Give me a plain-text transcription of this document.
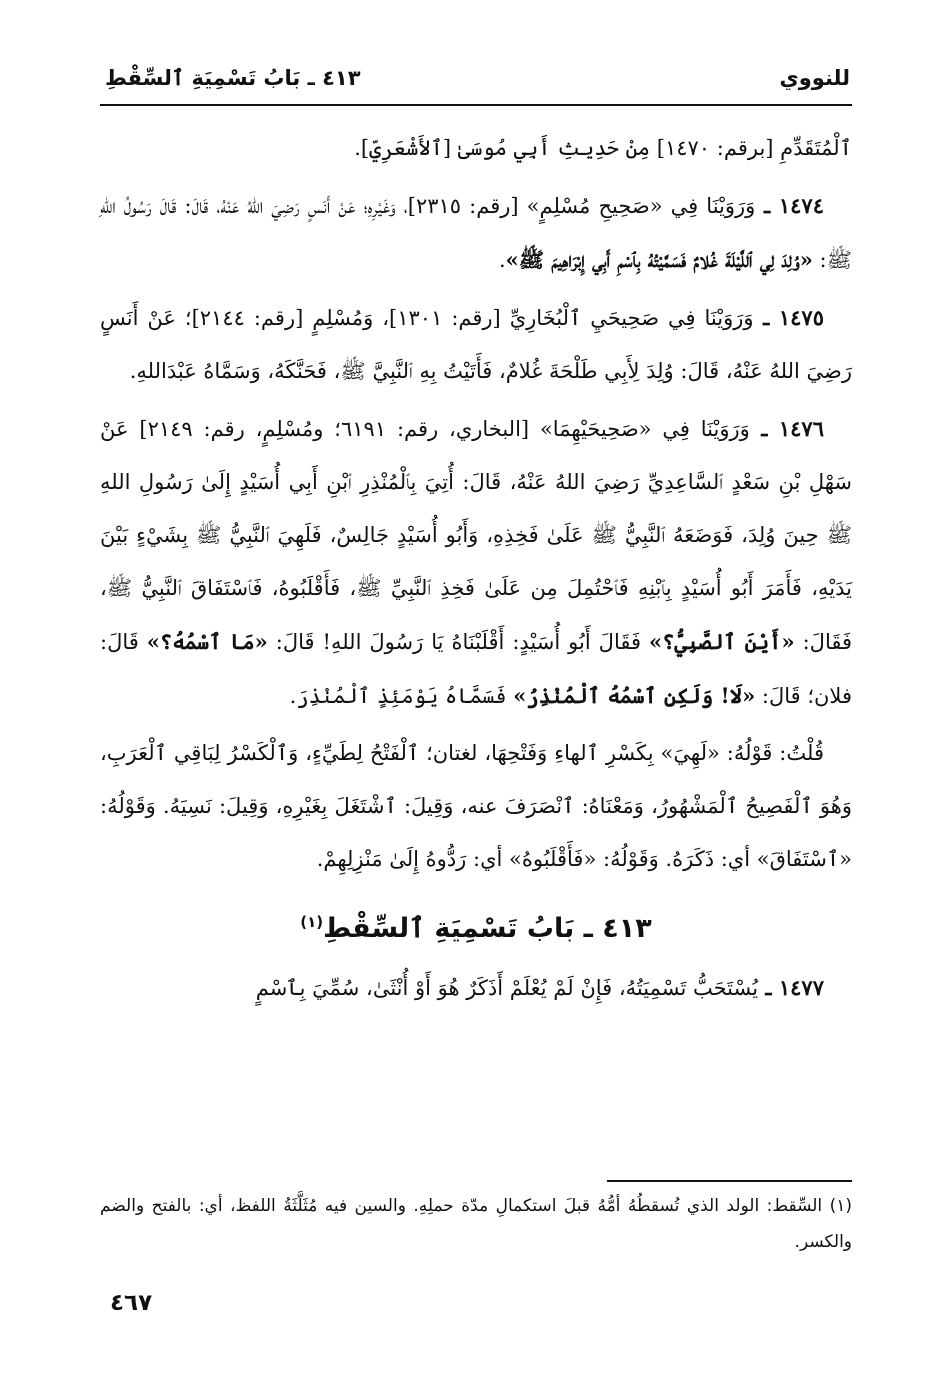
للنووي
٤١٣ ـ بَابُ تَسْمِيَةِ ٱلسِّقْطِ

ٱلْمُتَقَدِّمِ [برقم: ١٤٧٠] مِنْ حَدِيثِ أَبِي مُوسَىٰ [ٱلأَشْعَرِيِّ].

١٤٧٤ ـ وَرَوَيْنَا فِي «صَحِيحِ مُسْلِمٍ» [رقم: ٢٣١٥]، وَغَيْرِهِ؛ عَنْ أَنَسٍ رَضِيَ اللهُ عَنْهُ، قَالَ: قَالَ رَسُولُ اللهِ ﷺ: «وُلِدَ لِي ٱللَّيْلَةَ غُلامٌ فَسَمَّيْتُهُ بِٱسْمِ أَبِي إِبْرَاهِيمَ ﷺ».

١٤٧٥ ـ وَرَوَيْنَا فِي صَحِيحَيِ ٱلْبُخَارِيِّ [رقم: ١٣٠١]، وَمُسْلِمٍ [رقم: ٢١٤٤]؛ عَنْ أَنَسٍ رَضِيَ اللهُ عَنْهُ، قَالَ: وُلِدَ لِأَبِي طَلْحَةَ غُلامٌ، فَأَتَيْتُ بِهِ ٱلنَّبِيَّ ﷺ، فَحَنَّكَهُ، وَسَمَّاهُ عَبْدَاللهِ.

١٤٧٦ ـ وَرَوَيْنَا فِي «صَحِيحَيْهِمَا» [البخاري، رقم: ٦١٩١؛ ومُسْلِمٍ، رقم: ٢١٤٩] عَنْ سَهْلِ بْنِ سَعْدٍ ٱلسَّاعِدِيِّ رَضِيَ اللهُ عَنْهُ، قَالَ: أُتِيَ بِٱلْمُنْذِرِ ٱبْنِ أَبِي أُسَيْدٍ إِلَىٰ رَسُولِ اللهِ ﷺ حِينَ وُلِدَ، فَوَضَعَهُ ٱلنَّبِيُّ ﷺ عَلَىٰ فَخِذِهِ، وَأَبُو أُسَيْدٍ جَالِسٌ، فَلَهِيَ ٱلنَّبِيُّ ﷺ بِشَيْءٍ بَيْنَ يَدَيْهِ، فَأَمَرَ أَبُو أُسَيْدٍ بِٱبْنِهِ فَٱحْتُمِلَ مِن عَلَىٰ فَخِذِ ٱلنَّبِيِّ ﷺ، فَأَقْلَبُوهُ، فَٱسْتَفَاقَ ٱلنَّبِيُّ ﷺ، فَقَالَ: «أَيْنَ ٱلصَّبِيُّ؟» فَقَالَ أَبُو أُسَيْدٍ: أَقْلَبْنَاهُ يَا رَسُولَ اللهِ! قَالَ: «مَا ٱسْمُهُ؟» قَالَ: فلان؛ قَالَ: «لَا! وَلَكِنِ ٱسْمُهُ ٱلْمُنْذِرُ» فَسَمَّاهُ يَوْمَئِذٍ ٱلْمُنْذِرَ.

قُلْتُ: قَوْلُهُ: «لَهِيَ» بِكَسْرِ ٱلهاءِ وَفَتْحِهَا، لغتان؛ ٱلْفَتْحُ لِطَيِّءٍ، وَٱلْكَسْرُ لِبَاقِي ٱلْعَرَبِ، وَهُوَ ٱلْفَصِيحُ ٱلْمَشْهُورُ، وَمَعْنَاهُ: ٱنْصَرَفَ عنه، وَقِيلَ: ٱشْتَغَلَ بِغَيْرِهِ، وَقِيلَ: نَسِيَهُ. وَقَوْلُهُ: «ٱسْتَفَاقَ» أي: ذَكَرَهُ. وَقَوْلُهُ: «فَأَقْلَبُوهُ» أي: رَدُّوهُ إِلَىٰ مَنْزِلِهِمْ.

٤١٣ ـ بَابُ تَسْمِيَةِ ٱلسِّقْطِ$^{(١)}$

١٤٧٧ ـ يُسْتَحَبُّ تَسْمِيَتُهُ، فَإِنْ لَمْ يُعْلَمْ أَذَكَرٌ هُوَ أَوْ أُنْثَىٰ، سُمِّيَ بِٱسْمٍ

(١) السِّقط: الولد الذي تُسقطُهُ أمُّهُ قبلَ استكمالِ مدّة حملِهِ. والسين فيه مُثَلَّثَةُ اللفظ، أي: بالفتح والضم والكسر.

٤٦٧
